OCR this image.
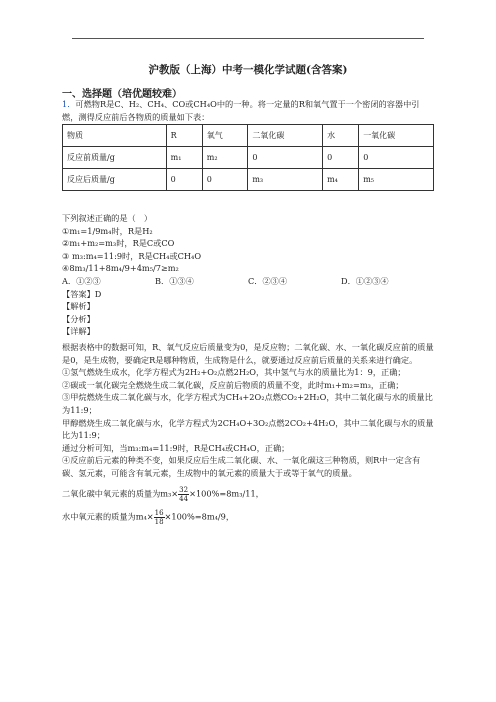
沪教版（上海）中考一模化学试题(含答案)
一、选择题（培优题较难）
1．可燃物R是C、H₂、CH₄、CO或CH₄O中的一种。将一定量的R和氧气置于一个密闭的容器中引燃，测得反应前后各物质的质量如下表：
物质	R	氧气	二氧化碳	水	一氧化碳
反应前质量/g	m₁	m₂	0	0	0
反应后质量/g	0	0	m₃	m₄	m₅
下列叙述正确的是（　）
①m₁=1/9m₄时，R是H₂
②m₁+m₂=m₃时，R是C或CO
③ m₃:m₄=11:9时，R是CH₄或CH₄O
④8m₃/11+8m₄/9+4m₅/7≥m₂
A．①②③	B．①③④	C．②③④	D．①②③④
【答案】D
【解析】
【分析】
【详解】
根据表格中的数据可知，R、氧气反应后质量变为0，是反应物；二氧化碳、水、一氧化碳反应前的质量是0，是生成物，要确定R是哪种物质，生成物是什么，就要通过反应前后质量的关系来进行确定。
①氢气燃烧生成水，化学方程式为2H₂+O₂点燃2H₂O，其中氢气与水的质量比为1：9，正确；
②碳或一氧化碳完全燃烧生成二氧化碳，反应前后物质的质量不变，此时m₁+m₂=m₃，正确；
③甲烷燃烧生成二氧化碳与水，化学方程式为CH₄+2O₂点燃CO₂+2H₂O，其中二氧化碳与水的质量比为11:9；
甲醇燃烧生成二氧化碳与水，化学方程式为2CH₄O+3O₂点燃2CO₂+4H₂O，其中二氧化碳与水的质量比为11:9；
通过分析可知，当m₃:m₄=11:9时，R是CH₄或CH₄O，正确；
④反应前后元素的种类不变，如果反应后生成二氧化碳、水、一氧化碳这三种物质，则R中一定含有碳、氢元素，可能含有氧元素，生成物中的氧元素的质量大于或等于氧气的质量。
二氧化碳中氧元素的质量为$m_3\times \frac{32}{44} \times 100\%=8m_3/11$，
水中氧元素的质量为$m_4\times \frac{16}{18} \times 100\%=8m_4/9$，
